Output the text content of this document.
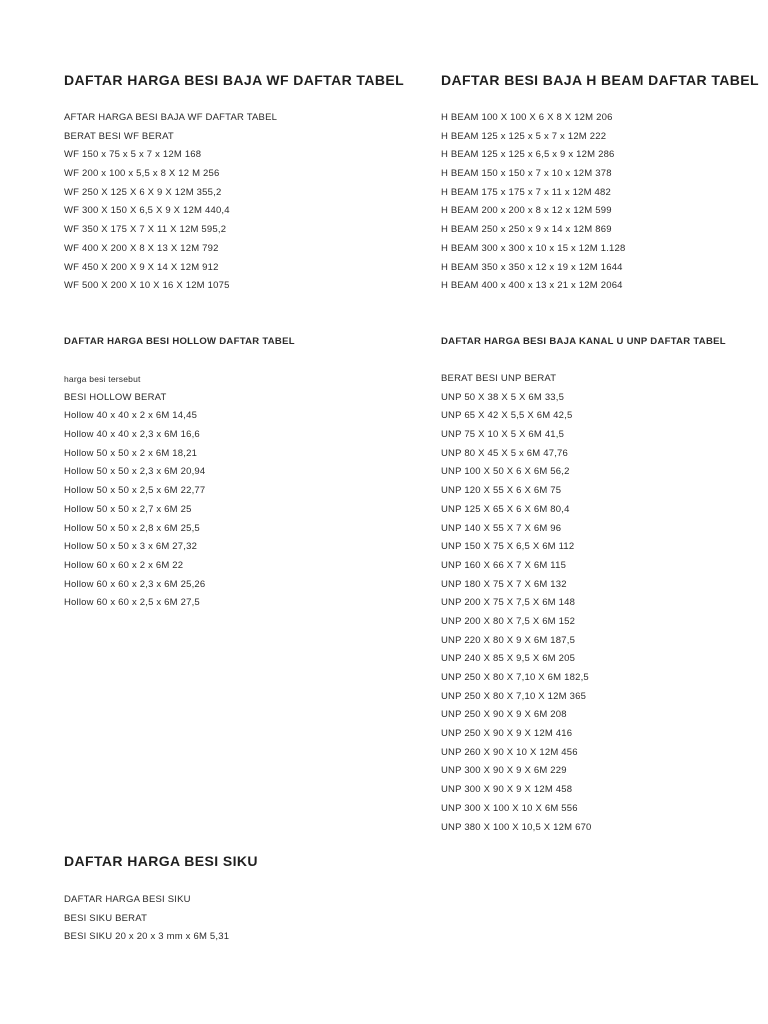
DAFTAR HARGA BESI BAJA WF DAFTAR TABEL
AFTAR HARGA BESI BAJA WF DAFTAR TABEL
BERAT BESI WF BERAT
WF 150 x 75 x 5 x 7 x 12M 168
WF 200 x 100 x 5,5 x 8 X 12 M 256
WF 250 X 125 X 6 X 9 X 12M 355,2
WF 300 X 150 X 6,5 X 9 X 12M 440,4
WF 350 X 175 X 7 X 11 X 12M 595,2
WF 400 X 200 X 8 X 13 X 12M 792
WF 450 X 200 X 9 X 14 X 12M 912
WF 500 X 200 X 10 X 16 X 12M 1075
DAFTAR BESI BAJA H BEAM DAFTAR TABEL
H BEAM 100 X 100 X 6 X 8 X 12M 206
H BEAM 125 x 125 x 5 x 7 x 12M 222
H BEAM 125 x 125 x 6,5 x 9 x 12M 286
H BEAM 150 x 150 x 7 x 10 x 12M 378
H BEAM 175 x 175 x 7 x 11 x 12M 482
H BEAM 200 x 200 x 8 x 12 x 12M 599
H BEAM 250 x 250 x 9 x 14 x 12M 869
H BEAM 300 x 300 x 10 x 15 x 12M 1.128
H BEAM 350 x 350 x 12 x 19 x 12M 1644
H BEAM 400 x 400 x 13 x 21 x 12M 2064
DAFTAR HARGA BESI HOLLOW DAFTAR TABEL
harga besi tersebut
BESI HOLLOW BERAT
Hollow 40 x 40 x 2 x 6M 14,45
Hollow 40 x 40 x 2,3 x 6M 16,6
Hollow 50 x 50 x 2 x 6M 18,21
Hollow 50 x 50 x 2,3 x 6M 20,94
Hollow 50 x 50 x 2,5 x 6M 22,77
Hollow 50 x 50 x 2,7 x 6M 25
Hollow 50 x 50 x 2,8 x 6M 25,5
Hollow 50 x 50 x 3 x 6M 27,32
Hollow 60 x 60 x 2 x 6M 22
Hollow 60 x 60 x 2,3 x 6M 25,26
Hollow 60 x 60 x 2,5 x 6M 27,5
DAFTAR HARGA BESI BAJA KANAL U UNP DAFTAR TABEL
BERAT BESI UNP BERAT
UNP 50 X 38 X 5 X 6M 33,5
UNP 65 X 42 X 5,5 X 6M 42,5
UNP 75 X 10 X 5 X 6M 41,5
UNP 80 X 45 X 5 x 6M 47,76
UNP 100 X 50 X 6 X 6M 56,2
UNP 120 X 55 X 6 X 6M 75
UNP 125 X 65 X 6 X 6M 80,4
UNP 140 X 55 X 7 X 6M 96
UNP 150 X 75 X 6,5 X 6M 112
UNP 160 X 66 X 7 X 6M 115
UNP 180 X 75 X 7 X 6M 132
UNP 200 X 75 X 7,5 X 6M 148
UNP 200 X 80 X 7,5 X 6M 152
UNP 220 X 80 X 9 X 6M 187,5
UNP 240 X 85 X 9,5 X 6M 205
UNP 250 X 80 X 7,10 X 6M 182,5
UNP 250 X 80 X 7,10 X 12M 365
UNP 250 X 90 X 9 X 6M 208
UNP 250 X 90 X 9 X 12M 416
UNP 260 X 90 X 10 X 12M 456
UNP 300 X 90 X 9 X 6M 229
UNP 300 X 90 X 9 X 12M 458
UNP 300 X 100 X 10 X 6M 556
UNP 380 X 100 X 10,5 X 12M 670
DAFTAR HARGA BESI SIKU
DAFTAR HARGA BESI SIKU
BESI SIKU BERAT
BESI SIKU 20 x 20 x 3 mm x 6M 5,31
